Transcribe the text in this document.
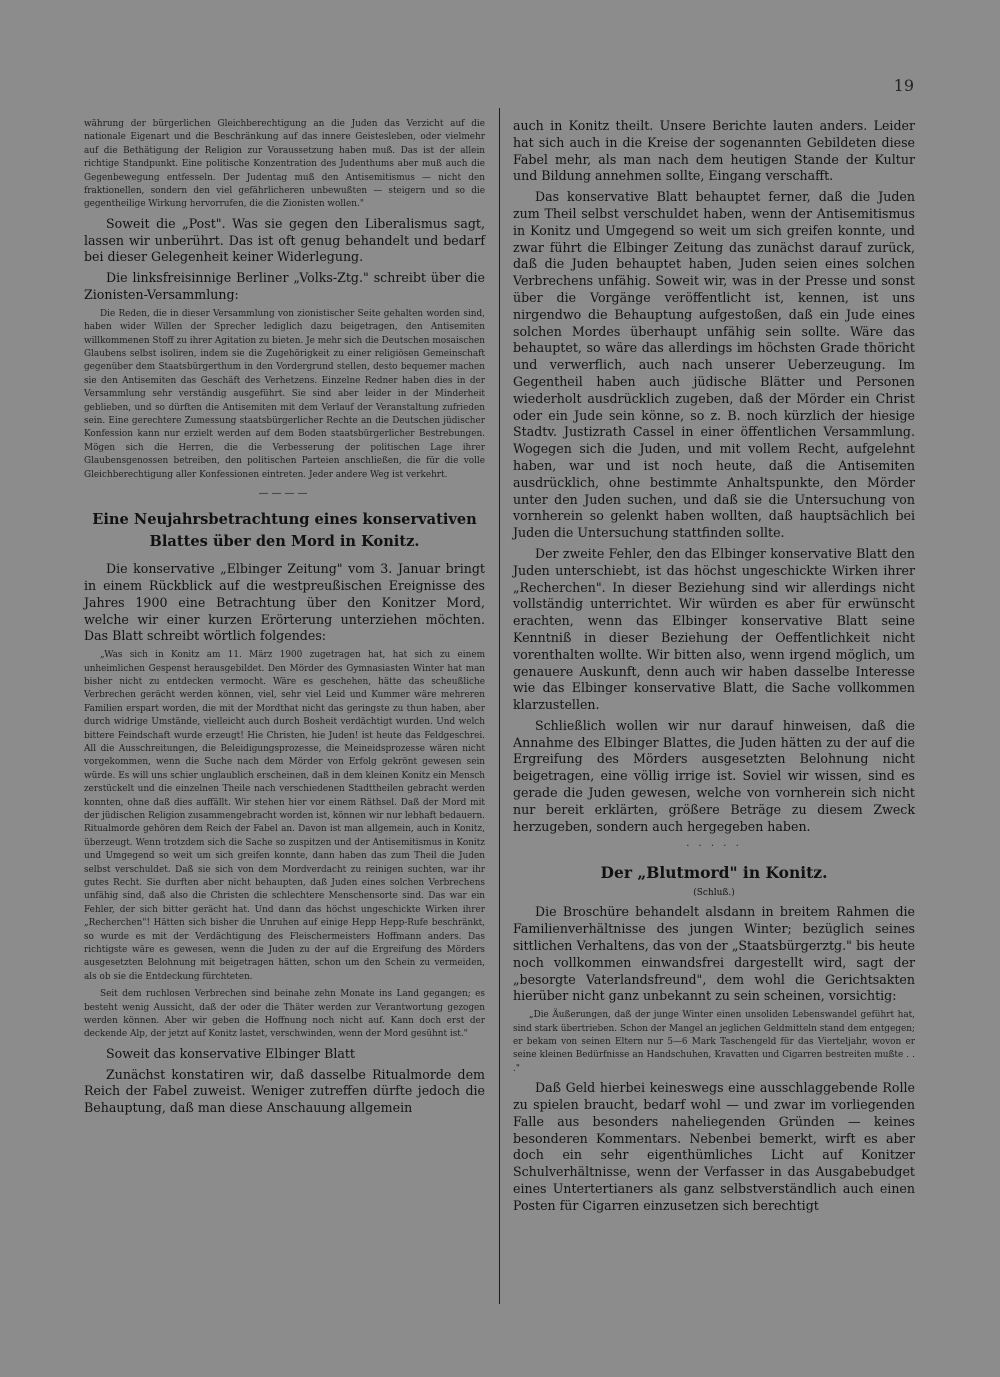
19

währung der bürgerlichen Gleichberechtigung an die Juden das Verzicht auf die nationale Eigenart und die Beschränkung auf das innere Geistesleben, oder vielmehr auf die Bethätigung der Religion zur Voraussetzung haben muß. Das ist der allein richtige Standpunkt. Eine politische Konzentration des Judenthums aber muß auch die Gegenbewegung entfesseln. Der Judentag muß den Antisemitismus — nicht den fraktionellen, sondern den viel gefährlicheren unbewußten — steigern und so die gegentheilige Wirkung hervorrufen, die die Zionisten wollen."

Soweit die „Post". Was sie gegen den Liberalismus sagt, lassen wir unberührt. Das ist oft genug behandelt und bedarf bei dieser Gelegenheit keiner Widerlegung.

Die linksfreisinnige Berliner „Volks-Ztg." schreibt über die Zionisten-Versammlung:

Die Reden, die in dieser Versammlung von zionistischer Seite gehalten worden sind, haben wider Willen der Sprecher lediglich dazu beigetragen, den Antisemiten willkommenen Stoff zu ihrer Agitation zu bieten. Je mehr sich die Deutschen mosaischen Glaubens selbst isoliren, indem sie die Zugehörigkeit zu einer religiösen Gemeinschaft gegenüber dem Staatsbürgerthum in den Vordergrund stellen, desto bequemer machen sie den Antisemiten das Geschäft des Verhetzens. Einzelne Redner haben dies in der Versammlung sehr verständig ausgeführt. Sie sind aber leider in der Minderheit geblieben, und so dürften die Antisemiten mit dem Verlauf der Veranstaltung zufrieden sein. Eine gerechtere Zumessung staatsbürgerlicher Rechte an die Deutschen jüdischer Konfession kann nur erzielt werden auf dem Boden staatsbürgerlicher Bestrebungen. Mögen sich die Herren, die die Verbesserung der politischen Lage ihrer Glaubensgenossen betreiben, den politischen Parteien anschließen, die für die volle Gleichberechtigung aller Konfessionen eintreten. Jeder andere Weg ist verkehrt.

————
Eine Neujahrsbetrachtung eines konservativen Blattes über den Mord in Konitz.

Die konservative „Elbinger Zeitung" vom 3. Januar bringt in einem Rückblick auf die westpreußischen Ereignisse des Jahres 1900 eine Betrachtung über den Konitzer Mord, welche wir einer kurzen Erörterung unterziehen möchten. Das Blatt schreibt wörtlich folgendes:

„Was sich in Konitz am 11. März 1900 zugetragen hat, hat sich zu einem unheimlichen Gespenst herausgebildet. Den Mörder des Gymnasiasten Winter hat man bisher nicht zu entdecken vermocht. Wäre es geschehen, hätte das scheußliche Verbrechen gerächt werden können, viel, sehr viel Leid und Kummer wäre mehreren Familien erspart worden, die mit der Mordthat nicht das geringste zu thun haben, aber durch widrige Umstände, vielleicht auch durch Bosheit verdächtigt wurden. Und welch bittere Feindschaft wurde erzeugt! Hie Christen, hie Juden! ist heute das Feldgeschrei. All die Ausschreitungen, die Beleidigungsprozesse, die Meineidsprozesse wären nicht vorgekommen, wenn die Suche nach dem Mörder von Erfolg gekrönt gewesen sein würde. Es will uns schier unglaublich erscheinen, daß in dem kleinen Konitz ein Mensch zerstückelt und die einzelnen Theile nach verschiedenen Stadttheilen gebracht werden konnten, ohne daß dies auffällt. Wir stehen hier vor einem Räthsel. Daß der Mord mit der jüdischen Religion zusammengebracht worden ist, können wir nur lebhaft bedauern. Ritualmorde gehören dem Reich der Fabel an. Davon ist man allgemein, auch in Konitz, überzeugt. Wenn trotzdem sich die Sache so zuspitzen und der Antisemitismus in Konitz und Umgegend so weit um sich greifen konnte, dann haben das zum Theil die Juden selbst verschuldet. Daß sie sich von dem Mordverdacht zu reinigen suchten, war ihr gutes Recht. Sie durften aber nicht behaupten, daß Juden eines solchen Verbrechens unfähig sind, daß also die Christen die schlechtere Menschensorte sind. Das war ein Fehler, der sich bitter gerächt hat. Und dann das höchst ungeschickte Wirken ihrer „Recherchen"! Hätten sich bisher die Unruhen auf einige Hepp Hepp-Rufe beschränkt, so wurde es mit der Verdächtigung des Fleischermeisters Hoffmann anders. Das richtigste wäre es gewesen, wenn die Juden zu der auf die Ergreifung des Mörders ausgesetzten Belohnung mit beigetragen hätten, schon um den Schein zu vermeiden, als ob sie die Entdeckung fürchteten.

Seit dem ruchlosen Verbrechen sind beinahe zehn Monate ins Land gegangen; es besteht wenig Aussicht, daß der oder die Thäter werden zur Verantwortung gezogen werden können. Aber wir geben die Hoffnung noch nicht auf. Kann doch erst der deckende Alp, der jetzt auf Konitz lastet, verschwinden, wenn der Mord gesühnt ist."

Soweit das konservative Elbinger Blatt

Zunächst konstatiren wir, daß dasselbe Ritualmorde dem Reich der Fabel zuweist. Weniger zutreffen dürfte jedoch die Behauptung, daß man diese Anschauung allgemein

auch in Konitz theilt. Unsere Berichte lauten anders. Leider hat sich auch in die Kreise der sogenannten Gebildeten diese Fabel mehr, als man nach dem heutigen Stande der Kultur und Bildung annehmen sollte, Eingang verschafft.

Das konservative Blatt behauptet ferner, daß die Juden zum Theil selbst verschuldet haben, wenn der Antisemitismus in Konitz und Umgegend so weit um sich greifen konnte, und zwar führt die Elbinger Zeitung das zunächst darauf zurück, daß die Juden behauptet haben, Juden seien eines solchen Verbrechens unfähig. Soweit wir, was in der Presse und sonst über die Vorgänge veröffentlicht ist, kennen, ist uns nirgendwo die Behauptung aufgestoßen, daß ein Jude eines solchen Mordes überhaupt unfähig sein sollte. Wäre das behauptet, so wäre das allerdings im höchsten Grade thöricht und verwerflich, auch nach unserer Ueberzeugung. Im Gegentheil haben auch jüdische Blätter und Personen wiederholt ausdrücklich zugeben, daß der Mörder ein Christ oder ein Jude sein könne, so z. B. noch kürzlich der hiesige Stadtv. Justizrath Cassel in einer öffentlichen Versammlung. Wogegen sich die Juden, und mit vollem Recht, aufgelehnt haben, war und ist noch heute, daß die Antisemiten ausdrücklich, ohne bestimmte Anhaltspunkte, den Mörder unter den Juden suchen, und daß sie die Untersuchung von vornherein so gelenkt haben wollten, daß hauptsächlich bei Juden die Untersuchung stattfinden sollte.

Der zweite Fehler, den das Elbinger konservative Blatt den Juden unterschiebt, ist das höchst ungeschickte Wirken ihrer „Recherchen". In dieser Beziehung sind wir allerdings nicht vollständig unterrichtet. Wir würden es aber für erwünscht erachten, wenn das Elbinger konservative Blatt seine Kenntniß in dieser Beziehung der Oeffentlichkeit nicht vorenthalten wollte. Wir bitten also, wenn irgend möglich, um genauere Auskunft, denn auch wir haben dasselbe Interesse wie das Elbinger konservative Blatt, die Sache vollkommen klarzustellen.

Schließlich wollen wir nur darauf hinweisen, daß die Annahme des Elbinger Blattes, die Juden hätten zu der auf die Ergreifung des Mörders ausgesetzten Belohnung nicht beigetragen, eine völlig irrige ist. Soviel wir wissen, sind es gerade die Juden gewesen, welche von vornherein sich nicht nur bereit erklärten, größere Beträge zu diesem Zweck herzugeben, sondern auch hergegeben haben.

· · · · ·
Der „Blutmord" in Konitz.
(Schluß.)

Die Broschüre behandelt alsdann in breitem Rahmen die Familienverhältnisse des jungen Winter; bezüglich seines sittlichen Verhaltens, das von der „Staatsbürgerztg." bis heute noch vollkommen einwandsfrei dargestellt wird, sagt der „besorgte Vaterlandsfreund", dem wohl die Gerichtsakten hierüber nicht ganz unbekannt zu sein scheinen, vorsichtig:

„Die Äußerungen, daß der junge Winter einen unsoliden Lebenswandel geführt hat, sind stark übertrieben. Schon der Mangel an jeglichen Geldmitteln stand dem entgegen; er bekam von seinen Eltern nur 5—6 Mark Taschengeld für das Vierteljahr, wovon er seine kleinen Bedürfnisse an Handschuhen, Kravatten und Cigarren bestreiten mußte . . ."

Daß Geld hierbei keineswegs eine ausschlaggebende Rolle zu spielen braucht, bedarf wohl — und zwar im vorliegenden Falle aus besonders naheliegenden Gründen — keines besonderen Kommentars. Nebenbei bemerkt, wirft es aber doch ein sehr eigenthümliches Licht auf Konitzer Schulverhältnisse, wenn der Verfasser in das Ausgabebudget eines Untertertianers als ganz selbstverständlich auch einen Posten für Cigarren einzusetzen sich berechtigt
